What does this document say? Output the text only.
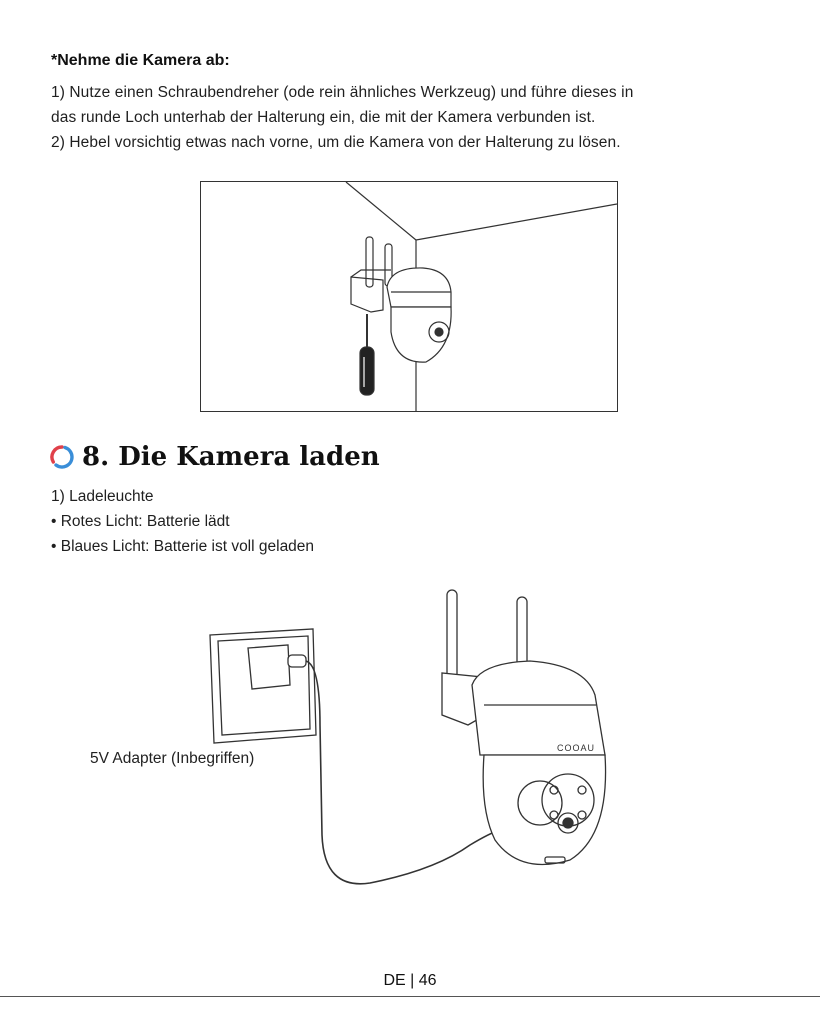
*Nehme die Kamera ab:
1) Nutze einen Schraubendreher (ode rein ähnliches Werkzeug) und führe dieses in
das runde Loch unterhab der Halterung ein, die mit der Kamera verbunden ist.
2) Hebel vorsichtig etwas nach vorne, um die Kamera von der Halterung zu lösen.
8. Die Kamera laden
1) Ladeleuchte
• Rotes Licht: Batterie lädt
• Blaues Licht: Batterie ist voll geladen
COOAU
5V Adapter (Inbegriffen)
DE | 46
